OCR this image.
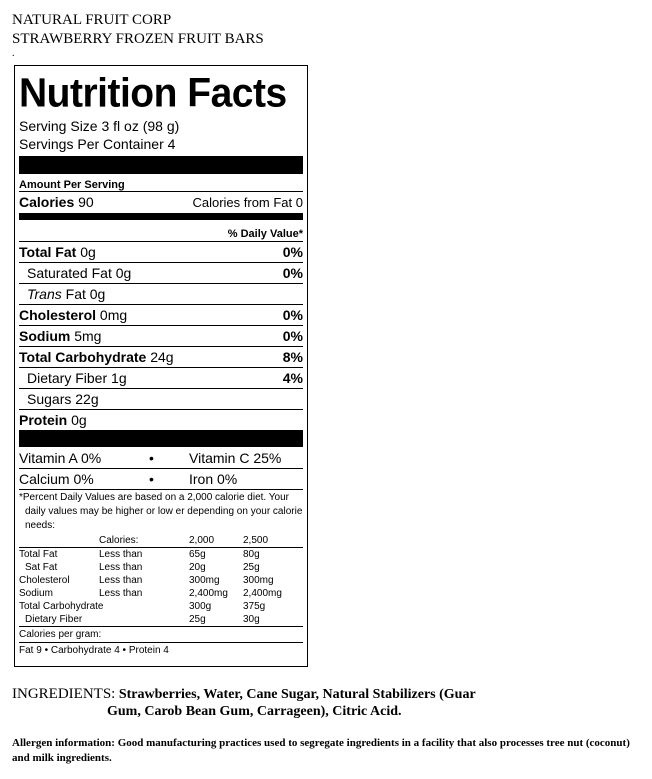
NATURAL FRUIT CORP
STRAWBERRY FROZEN FRUIT BARS
.
Nutrition Facts
Serving Size 3 fl oz (98 g)
Servings Per Container 4
Amount Per Serving
Calories 90	Calories from Fat 0
% Daily Value*
Total Fat 0g	0%
Saturated Fat 0g	0%
Trans Fat 0g
Cholesterol 0mg	0%
Sodium 5mg	0%
Total Carbohydrate 24g	8%
Dietary Fiber 1g	4%
Sugars 22g
Protein 0g
Vitamin A 0%	•	Vitamin C 25%
Calcium 0%	•	Iron 0%
*Percent Daily Values are based on a 2,000 calorie diet. Your daily values may be higher or low er depending on your calorie needs:
	Calories:	2,000	2,500
Total Fat	Less than	65g	80g
Sat Fat	Less than	20g	25g
Cholesterol	Less than	300mg	300mg
Sodium	Less than	2,400mg	2,400mg
Total Carbohydrate		300g	375g
Dietary Fiber		25g	30g
Calories per gram:
Fat 9 • Carbohydrate 4 • Protein 4
INGREDIENTS: Strawberries, Water, Cane Sugar, Natural Stabilizers (Guar
Gum, Carob Bean Gum, Carrageen), Citric Acid.
Allergen information: Good manufacturing practices used to segregate ingredients in a facility that also processes tree nut (coconut) and milk ingredients.
